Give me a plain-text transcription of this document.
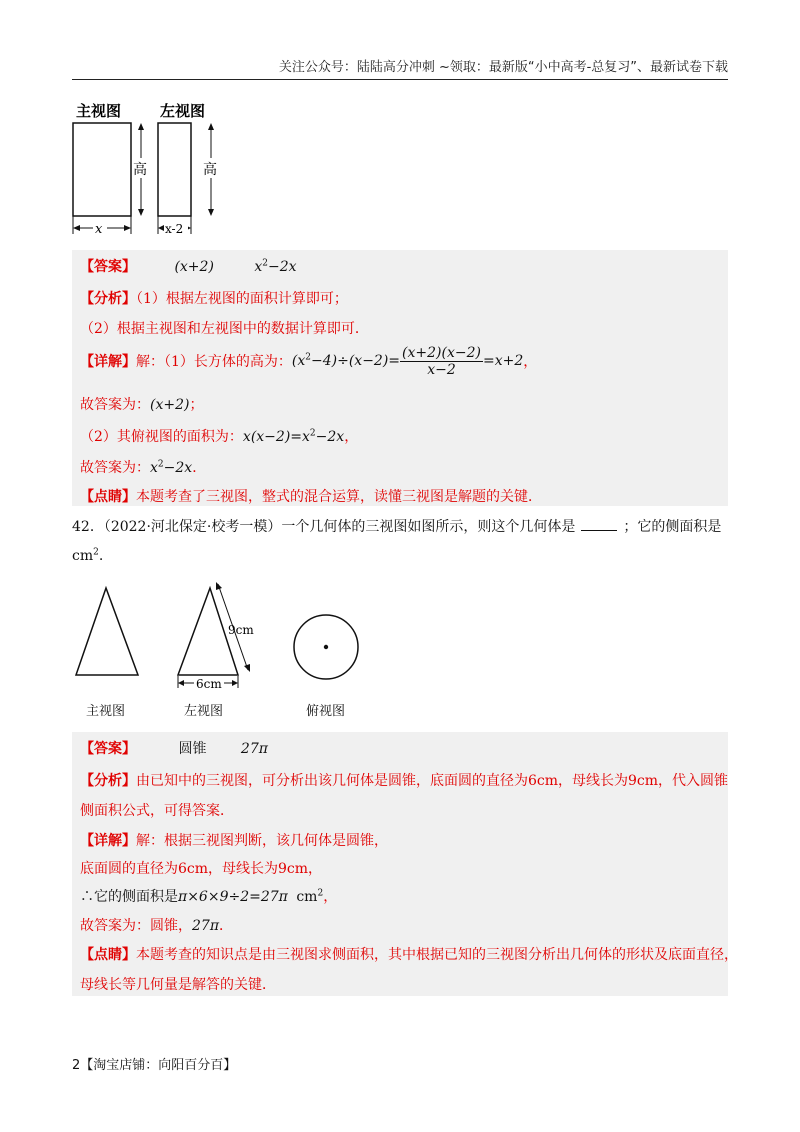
关注公众号：陆陆高分冲刺 ~领取：最新版“小中高考-总复习”、最新试卷下载
主视图	左视图
高	高
x	x-2
【答案】	(x+2)	$x^2-2x$
【分析】（1）根据左视图的面积计算即可；
（2）根据主视图和左视图中的数据计算即可．
【详解】 解：（1）长方体的高为： $(x^2-4)\div(x-2)= \frac{(x+2)(x-2)}{x-2} =x+2$ ，
故答案为：(x+2)；
（2）其俯视图的面积为：$x(x-2)=x^2-2x$，
故答案为：$x^2-2x$．
【点睛】本题考查了三视图，整式的混合运算，读懂三视图是解题的关键．
42．（2022·河北保定·校考一模）一个几何体的三视图如图所示，则这个几何体是	；它的侧面积是
$cm^2$.
9cm
6cm
主视图	左视图	俯视图
【答案】	圆锥 27π
【分析】由已知中的三视图，可分析出该几何体是圆锥，底面圆的直径为6cm，母线长为9cm，代入圆锥
侧面积公式，可得答案．
【详解】解：根据三视图判断，该几何体是圆锥，
底面圆的直径为6cm，母线长为9cm，
∴它的侧面积是π×6×9÷2=27π $cm^2$，
故答案为：圆锥，27π．
【点睛】本题考查的知识点是由三视图求侧面积，其中根据已知的三视图分析出几何体的形状及底面直径，
母线长等几何量是解答的关键．
2【淘宝店铺：向阳百分百】
